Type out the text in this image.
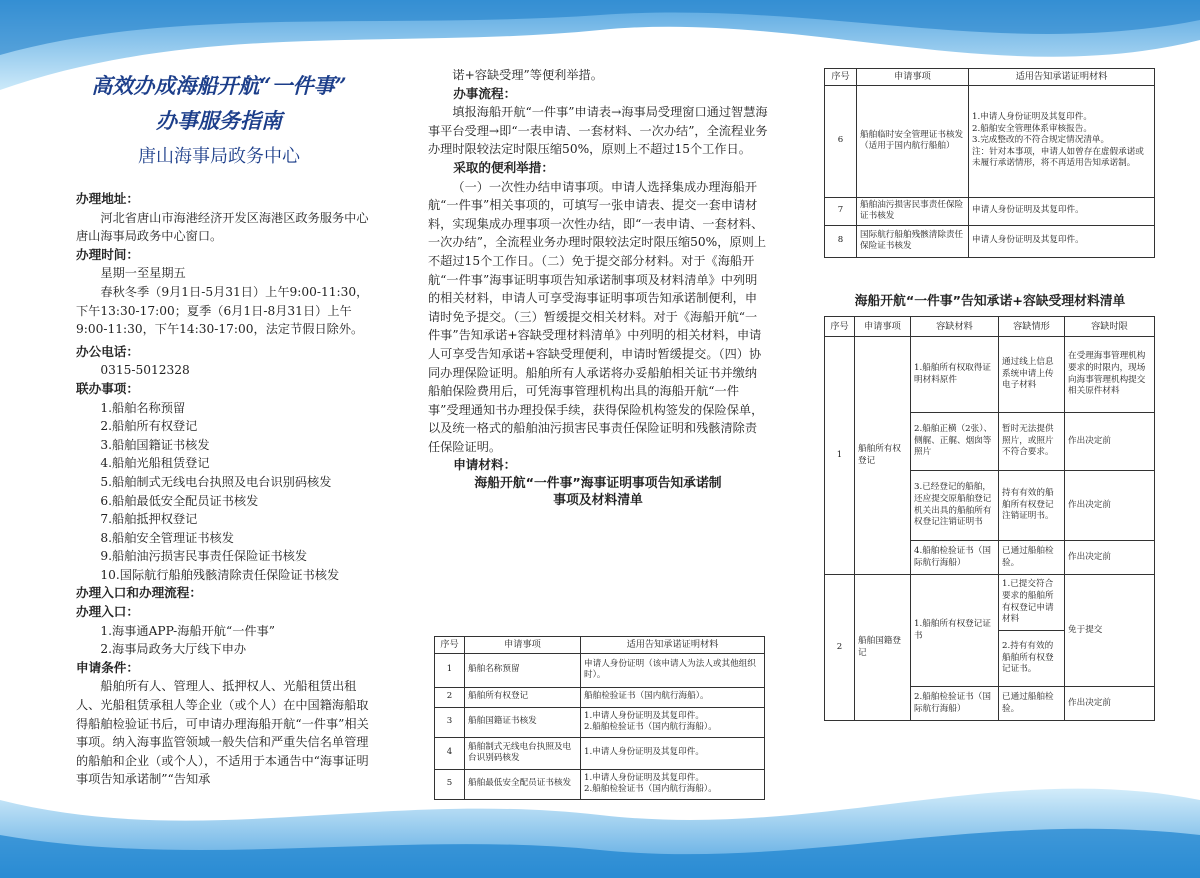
高效办成海船开航“一件事”
办事服务指南
唐山海事局政务中心

办理地址：

河北省唐山市海港经济开发区海港区政务服务中心唐山海事局政务中心窗口。

办理时间：

星期一至星期五

春秋冬季（9月1日-5月31日）上午9:00-11:30，下午13:30-17:00；夏季（6月1日-8月31日）上午9:00-11:30，下午14:30-17:00，法定节假日除外。

办公电话：

0315-5012328

联办事项：

1.船舶名称预留

2.船舶所有权登记

3.船舶国籍证书核发

4.船舶光船租赁登记

5.船舶制式无线电台执照及电台识别码核发

6.船舶最低安全配员证书核发

7.船舶抵押权登记

8.船舶安全管理证书核发

9.船舶油污损害民事责任保险证书核发

10.国际航行船舶残骸清除责任保险证书核发

办理入口和办理流程：

办理入口：

1.海事通APP-海船开航“一件事”

2.海事局政务大厅线下申办

申请条件：

船舶所有人、管理人、抵押权人、光船租赁出租人、光船租赁承租人等企业（或个人）在中国籍海船取得船舶检验证书后，可申请办理海船开航“一件事”相关事项。纳入海事监管领域一般失信和严重失信名单管理的船舶和企业（或个人），不适用于本通告中“海事证明事项告知承诺制”“告知承

诺+容缺受理”等便利举措。

办事流程：

填报海船开航“一件事”申请表→海事局受理窗口通过智慧海事平台受理→即“一表申请、一套材料、一次办结”，全流程业务办理时限较法定时限压缩50%，原则上不超过15个工作日。

采取的便利举措：

（一）一次性办结申请事项。申请人选择集成办理海船开航“一件事”相关事项的，可填写一张申请表、提交一套申请材料，实现集成办理事项一次性办结，即“一表申请、一套材料、一次办结”，全流程业务办理时限较法定时限压缩50%，原则上不超过15个工作日。（二）免于提交部分材料。对于《海船开航“一件事”海事证明事项告知承诺制事项及材料清单》中列明的相关材料，申请人可享受海事证明事项告知承诺制便利，申请时免予提交。（三）暂缓提交相关材料。对于《海船开航“一件事”告知承诺+容缺受理材料清单》中列明的相关材料，申请人可享受告知承诺+容缺受理便利，申请时暂缓提交。（四）协同办理保险证明。船舶所有人承诺将办妥船舶相关证书并缴纳船舶保险费用后，可凭海事管理机构出具的海船开航“一件事”受理通知书办理投保手续，获得保险机构签发的保险保单，以及统一格式的船舶油污损害民事责任保险证明和残骸清除责任保险证明。

申请材料：

海船开航“一件事”海事证明事项告知承诺制

事项及材料清单

序号	申请事项	适用告知承诺证明材料
1	船舶名称预留	申请人身份证明（该申请人为法人或其他组织时）。
2	船舶所有权登记	船舶检验证书（国内航行海船）。
3	船舶国籍证书核发	1.申请人身份证明及其复印件。
2.船舶检验证书（国内航行海船）。
4	船舶制式无线电台执照及电台识别码核发	1.申请人身份证明及其复印件。
5	船舶最低安全配员证书核发	1.申请人身份证明及其复印件。
2.船舶检验证书（国内航行海船）。
序号	申请事项	适用告知承诺证明材料
6	船舶临时安全管理证书核发（适用于国内航行船舶）	1.申请人身份证明及其复印件。
2.船舶安全管理体系审核报告。
3.完成整改的不符合规定情况清单。
注：针对本事项，申请人如曾存在虚假承诺或未履行承诺情形，将不再适用告知承诺制。
7	船舶油污损害民事责任保险证书核发	申请人身份证明及其复印件。
8	国际航行船舶残骸清除责任保险证书核发	申请人身份证明及其复印件。

海船开航“一件事”告知承诺+容缺受理材料清单

序号	申请事项	容缺材料	容缺情形	容缺时限
1	船舶所有权登记	1.船舶所有权取得证明材料原件	通过线上信息系统申请上传电子材料	在受理海事管理机构要求的时限内，现场向海事管理机构提交相关原件材料
		2.船舶正横（2张）、侧艉、正艉、烟囱等照片	暂时无法提供照片，或照片不符合要求。	作出决定前
		3.已经登记的船舶，还应提交原船舶登记机关出具的船舶所有权登记注销证明书	持有有效的船舶所有权登记注销证明书。	作出决定前
		4.船舶检验证书（国际航行海船）	已通过船舶检验。	作出决定前
2	船舶国籍登记	1.船舶所有权登记证书	1.已提交符合要求的船舶所有权登记申请材料	免于提交
			2.持有有效的船舶所有权登记证书。	
		2.船舶检验证书（国际航行海船）	已通过船舶检验。	作出决定前
